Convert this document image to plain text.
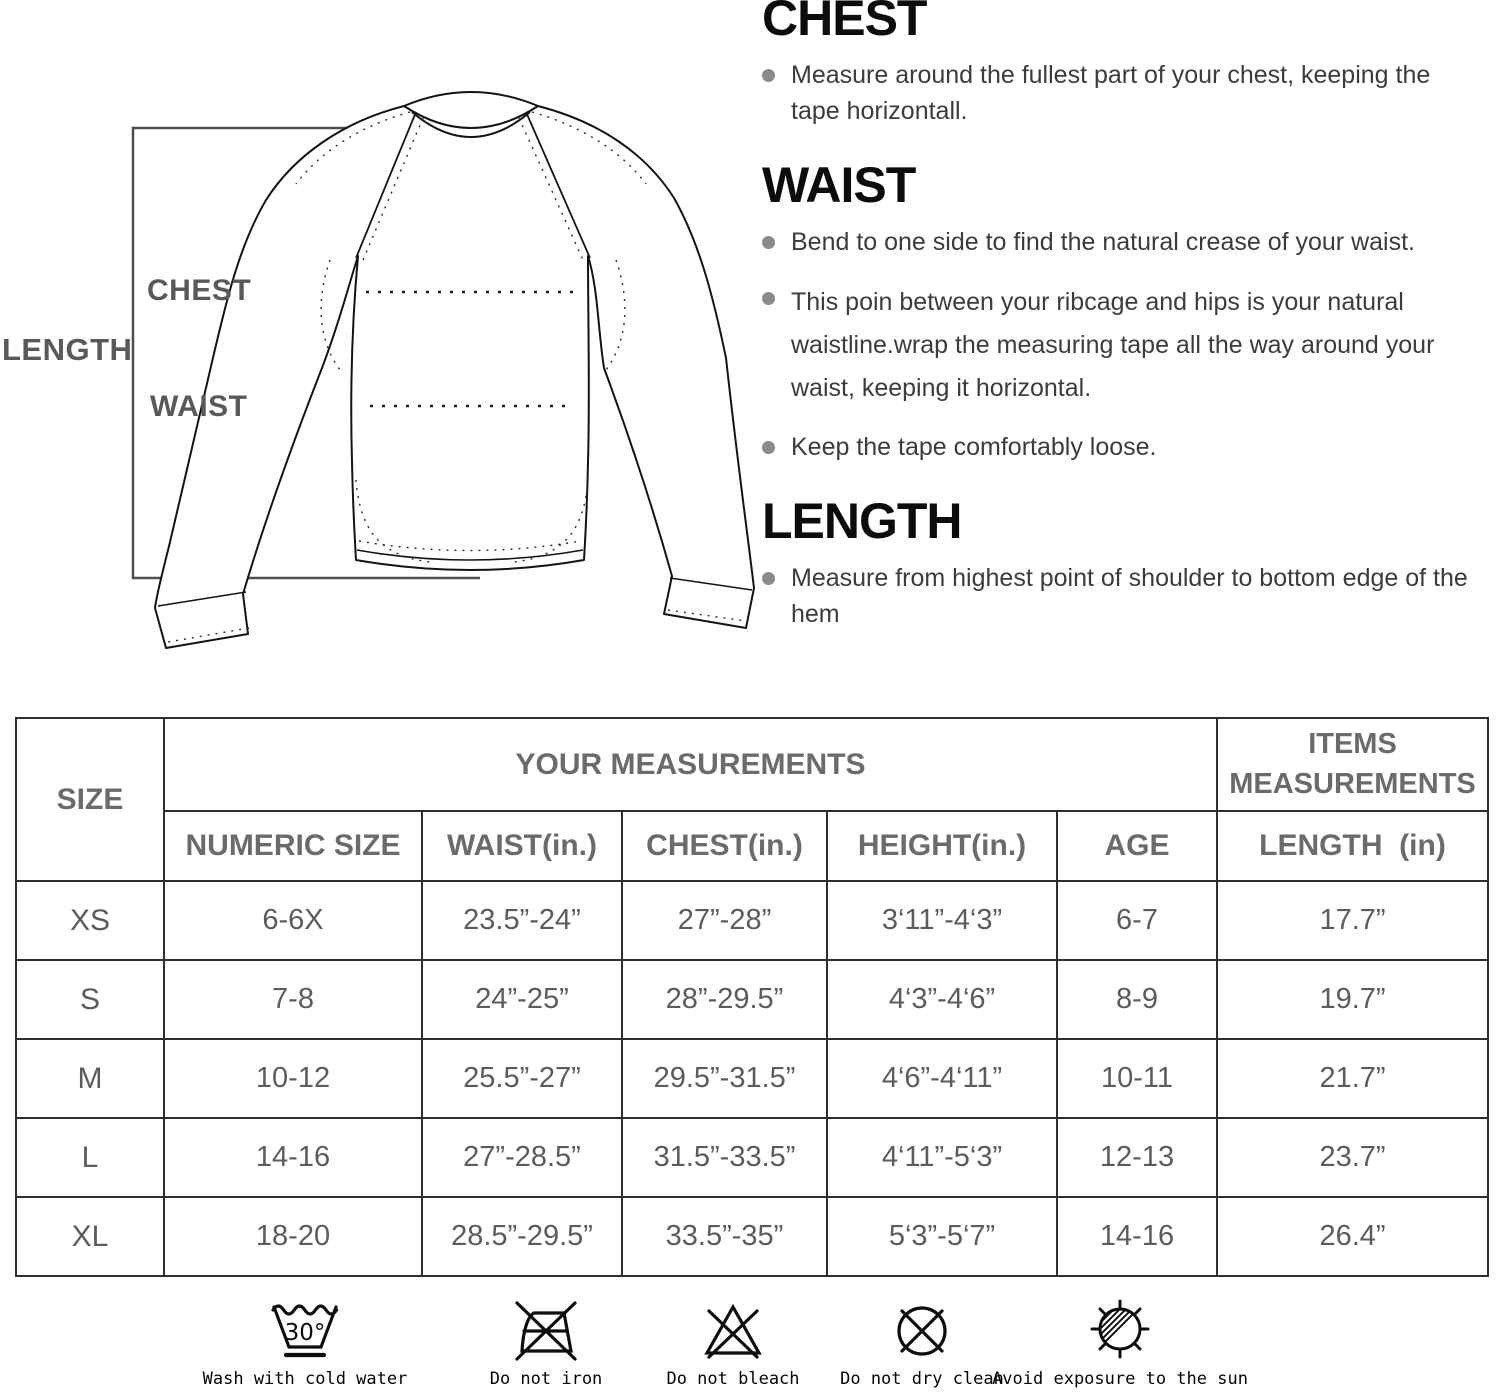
LENGTH
CHEST
WAIST
CHEST
Measure around the fullest part of your chest, keeping the tape horizontall.
WAIST
Bend to one side to find the natural crease of your waist.
This poin between your ribcage and hips is your natural waistline.wrap the measuring tape all the way around your waist, keeping it horizontal.
Keep the tape comfortably loose.
LENGTH
Measure from highest point of shoulder to bottom edge of the hem
SIZE	YOUR MEASUREMENTS					ITEMS MEASUREMENTS
	NUMERIC SIZE	WAIST(in.)	CHEST(in.)	HEIGHT(in.)	AGE	LENGTH  (in)
XS	6-6X	23.5”-24”	27”-28”	3‘11”-4‘3”	6-7	17.7”
S	7-8	24”-25”	28”-29.5”	4‘3”-4‘6”	8-9	19.7”
M	10-12	25.5”-27”	29.5”-31.5”	4‘6”-4‘11”	10-11	21.7”
L	14-16	27”-28.5”	31.5”-33.5”	4‘11”-5‘3”	12-13	23.7”
XL	18-20	28.5”-29.5”	33.5”-35”	5‘3”-5‘7”	14-16	26.4”
30°
Wash with cold water	Do not iron	Do not bleach Do not dry clean
Avoid exposure to the sun
